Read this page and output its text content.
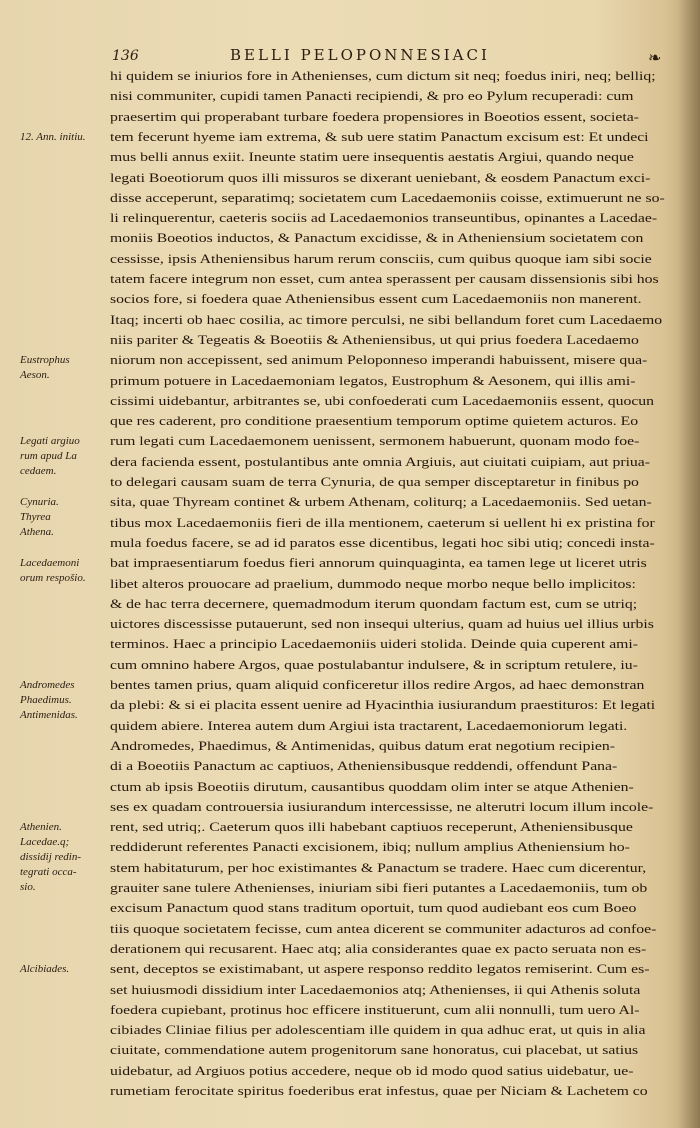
136	BELLI PELOPONNESIACI	❧
hi quidem se iniurios fore in Athenienses, cum dictum sit neq; foedus iniri, neq; belliq;
nisi communiter, cupidi tamen Panacti recipiendi, & pro eo Pylum recuperadi: cum
praesertim qui properabant turbare foedera propensiores in Boeotios essent, societa-
tem fecerunt hyeme iam extrema, & sub uere statim Panactum excisum est: Et undeci
mus belli annus exiit. Ineunte statim uere insequentis aestatis Argiui, quando neque
legati Boeotiorum quos illi missuros se dixerant ueniebant, & eosdem Panactum exci-
disse acceperunt, separatimq; societatem cum Lacedaemoniis coisse, extimuerunt ne so-
li relinquerentur, caeteris sociis ad Lacedaemonios transeuntibus, opinantes a Lacedae-
moniis Boeotios inductos, & Panactum excidisse, & in Atheniensium societatem con
cessisse, ipsis Atheniensibus harum rerum consciis, cum quibus quoque iam sibi socie
tatem facere integrum non esset, cum antea sperassent per causam dissensionis sibi hos
socios fore, si foedera quae Atheniensibus essent cum Lacedaemoniis non manerent.
Itaq; incerti ob haec cosilia, ac timore perculsi, ne sibi bellandum foret cum Lacedaemo
niis pariter & Tegeatis & Boeotiis & Atheniensibus, ut qui prius foedera Lacedaemo
niorum non accepissent, sed animum Peloponneso imperandi habuissent, misere qua-
primum potuere in Lacedaemoniam legatos, Eustrophum & Aesonem, qui illis ami-
cissimi uidebantur, arbitrantes se, ubi confoederati cum Lacedaemoniis essent, quocun
que res caderent, pro conditione praesentium temporum optime quietem acturos. Eo
rum legati cum Lacedaemonem uenissent, sermonem habuerunt, quonam modo foe-
dera facienda essent, postulantibus ante omnia Argiuis, aut ciuitati cuipiam, aut priua-
to delegari causam suam de terra Cynuria, de qua semper disceptaretur in finibus po
sita, quae Thyream continet & urbem Athenam, coliturq; a Lacedaemoniis. Sed uetan-
tibus mox Lacedaemoniis fieri de illa mentionem, caeterum si uellent hi ex pristina for
mula foedus facere, se ad id paratos esse dicentibus, legati hoc sibi utiq; concedi insta-
bat impraesentiarum foedus fieri annorum quinquaginta, ea tamen lege ut liceret utris
libet alteros prouocare ad praelium, dummodo neque morbo neque bello implicitos:
& de hac terra decernere, quemadmodum iterum quondam factum est, cum se utriq;
uictores discessisse putauerunt, sed non insequi ulterius, quam ad huius uel illius urbis
terminos. Haec a principio Lacedaemoniis uideri stolida. Deinde quia cuperent ami-
cum omnino habere Argos, quae postulabantur indulsere, & in scriptum retulere, iu-
bentes tamen prius, quam aliquid conficeretur illos redire Argos, ad haec demonstran
da plebi: & si ei placita essent uenire ad Hyacinthia iusiurandum praestituros: Et legati
quidem abiere. Interea autem dum Argiui ista tractarent, Lacedaemoniorum legati.
Andromedes, Phaedimus, & Antimenidas, quibus datum erat negotium recipien-
di a Boeotiis Panactum ac captiuos, Atheniensibusque reddendi, offendunt Pana-
ctum ab ipsis Boeotiis dirutum, causantibus quoddam olim inter se atque Athenien-
ses ex quadam controuersia iusiurandum intercessisse, ne alterutri locum illum incole-
rent, sed utriq;. Caeterum quos illi habebant captiuos receperunt, Atheniensibusque
reddiderunt referentes Panacti excisionem, ibiq; nullum amplius Atheniensium ho-
stem habitaturum, per hoc existimantes & Panactum se tradere. Haec cum dicerentur,
grauiter sane tulere Athenienses, iniuriam sibi fieri putantes a Lacedaemoniis, tum ob
excisum Panactum quod stans traditum oportuit, tum quod audiebant eos cum Boeo
tiis quoque societatem fecisse, cum antea dicerent se communiter adacturos ad confoe-
derationem qui recusarent. Haec atq; alia considerantes quae ex pacto seruata non es-
sent, deceptos se existimabant, ut aspere responso reddito legatos remiserint. Cum es-
set huiusmodi dissidium inter Lacedaemonios atq; Athenienses, ii qui Athenis soluta
foedera cupiebant, protinus hoc efficere instituerunt, cum alii nonnulli, tum uero Al-
cibiades Cliniae filius per adolescentiam ille quidem in qua adhuc erat, ut quis in alia
ciuitate, commendatione autem progenitorum sane honoratus, cui placebat, ut satius
uidebatur, ad Argiuos potius accedere, neque ob id modo quod satius uidebatur, ue-
rumetiam ferocitate spiritus foederibus erat infestus, quae per Niciam & Lachetem co
12. Ann. initiu.
Eustrophus
Aeson.
Legati argiuo
rum apud La
cedaem.
Cynuria.
Thyrea
Athena.
Lacedaemoni
orum respošio.
Andromedes
Phaedimus.
Antimenidas.
Athenien.
Lacedae.q;
dissidij redin-
tegrati occa-
sio.
Alcibiades.
